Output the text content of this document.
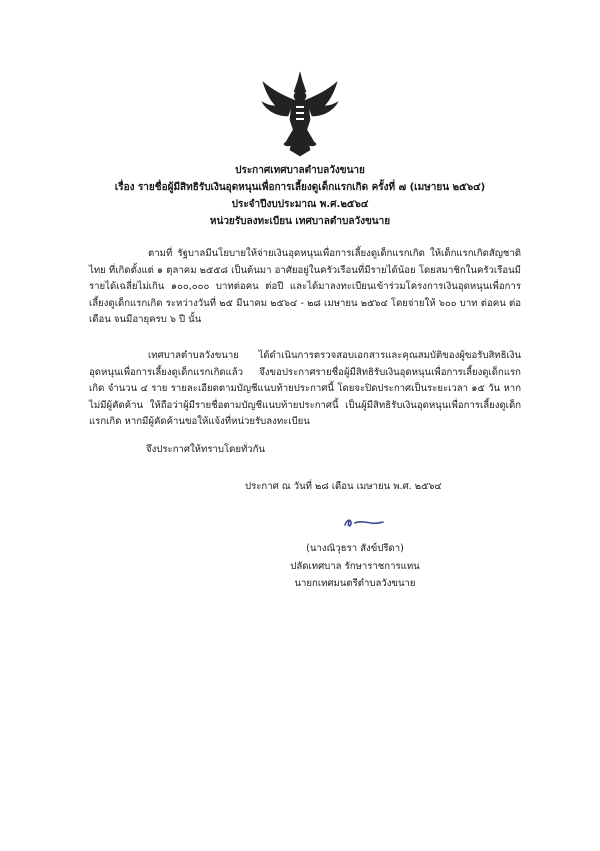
ประกาศเทศบาลตำบลวังขนาย
เรื่อง รายชื่อผู้มีสิทธิรับเงินอุดหนุนเพื่อการเลี้ยงดูเด็กแรกเกิด ครั้งที่ ๗ (เมษายน ๒๕๖๔)
ประจำปีงบประมาณ พ.ศ.๒๕๖๔
หน่วยรับลงทะเบียน เทศบาลตำบลวังขนาย
ตามที่ รัฐบาลมีนโยบายให้จ่ายเงินอุดหนุนเพื่อการเลี้ยงดูเด็กแรกเกิด ให้เด็กแรกเกิดสัญชาติไทย ที่เกิดตั้งแต่ ๑ ตุลาคม ๒๕๕๘ เป็นต้นมา อาศัยอยู่ในครัวเรือนที่มีรายได้น้อย โดยสมาชิกในครัวเรือนมีรายได้เฉลี่ยไม่เกิน ๑๐๐,๐๐๐ บาทต่อคน ต่อปี และได้มาลงทะเบียนเข้าร่วมโครงการเงินอุดหนุนเพื่อการเลี้ยงดูเด็กแรกเกิด ระหว่างวันที่ ๒๕ มีนาคม ๒๕๖๔ - ๒๘ เมษายน ๒๕๖๔ โดยจ่ายให้ ๖๐๐ บาท ต่อคน ต่อเดือน จนมีอายุครบ ๖ ปี นั้น
เทศบาลตำบลวังขนาย ได้ดำเนินการตรวจสอบเอกสารและคุณสมบัติของผู้ขอรับสิทธิเงินอุดหนุนเพื่อการเลี้ยงดูเด็กแรกเกิดแล้ว จึงขอประกาศรายชื่อผู้มีสิทธิรับเงินอุดหนุนเพื่อการเลี้ยงดูเด็กแรกเกิด จำนวน ๔ ราย รายละเอียดตามบัญชีแนบท้ายประกาศนี้ โดยจะปิดประกาศเป็นระยะเวลา ๑๕ วัน หากไม่มีผู้คัดค้าน ให้ถือว่าผู้มีรายชื่อตามบัญชีแนบท้ายประกาศนี้ เป็นผู้มีสิทธิรับเงินอุดหนุนเพื่อการเลี้ยงดูเด็กแรกเกิด หากมีผู้คัดค้านขอให้แจ้งที่หน่วยรับลงทะเบียน
จึงประกาศให้ทราบโดยทั่วกัน
ประกาศ ณ วันที่ ๒๘ เดือน เมษายน พ.ศ. ๒๕๖๔
(นางณิวุธรา สังข์ปรีดา)
ปลัดเทศบาล รักษาราชการแทน
นายกเทศมนตรีตำบลวังขนาย
